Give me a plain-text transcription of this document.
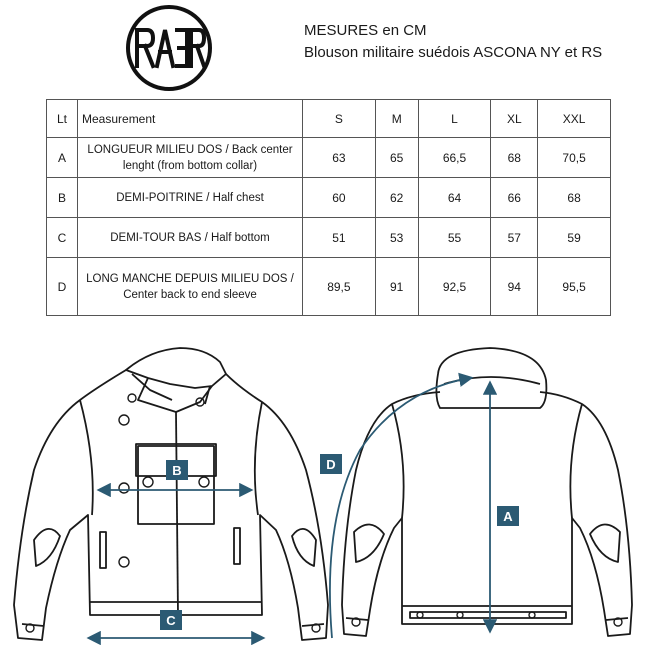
RAER
MESURES en CM
Blouson militaire suédois ASCONA NY et RS
Lt	Measurement	S	M	L	XL	XXL
A	LONGUEUR MILIEU DOS / Back center
lenght (from bottom collar)	63	65	66,5	68	70,5
B	DEMI-POITRINE / Half chest	60	62	64	66	68
C	DEMI-TOUR BAS / Half bottom	51	53	55	57	59
D	LONG MANCHE DEPUIS MILIEU DOS /
Center back to end sleeve	89,5	91	92,5	94	95,5
B
C
A
D
